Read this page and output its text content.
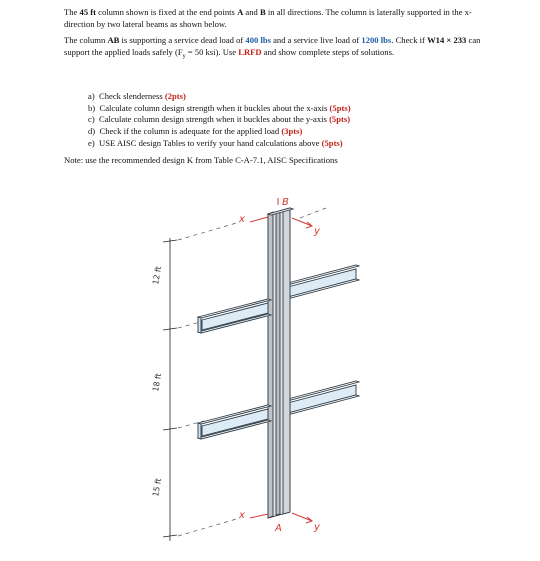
The 45 ft column shown is fixed at the end points A and B in all directions. The column is laterally supported in the x-direction by two lateral beams as shown below.

The column AB is supporting a service dead load of 400 lbs and a service live load of 1200 lbs. Check if W14 × 233 can support the applied loads safely ($F_y = 50$ ksi). Use LRFD and show complete steps of solutions.

a) Check slenderness (2pts)
b) Calculate column design strength when it buckles about the x-axis (5pts)
c) Calculate column design strength when it buckles about the y-axis (5pts)
d) Check if the column is adequate for the applied load (3pts)
e) USE AISC design Tables to verify your hand calculations above (5pts)

Note: use the recommended design K from Table C-A-7.1, AISC Specifications

12 ft
18 ft
15 ft
B
x
y
A
x
y
